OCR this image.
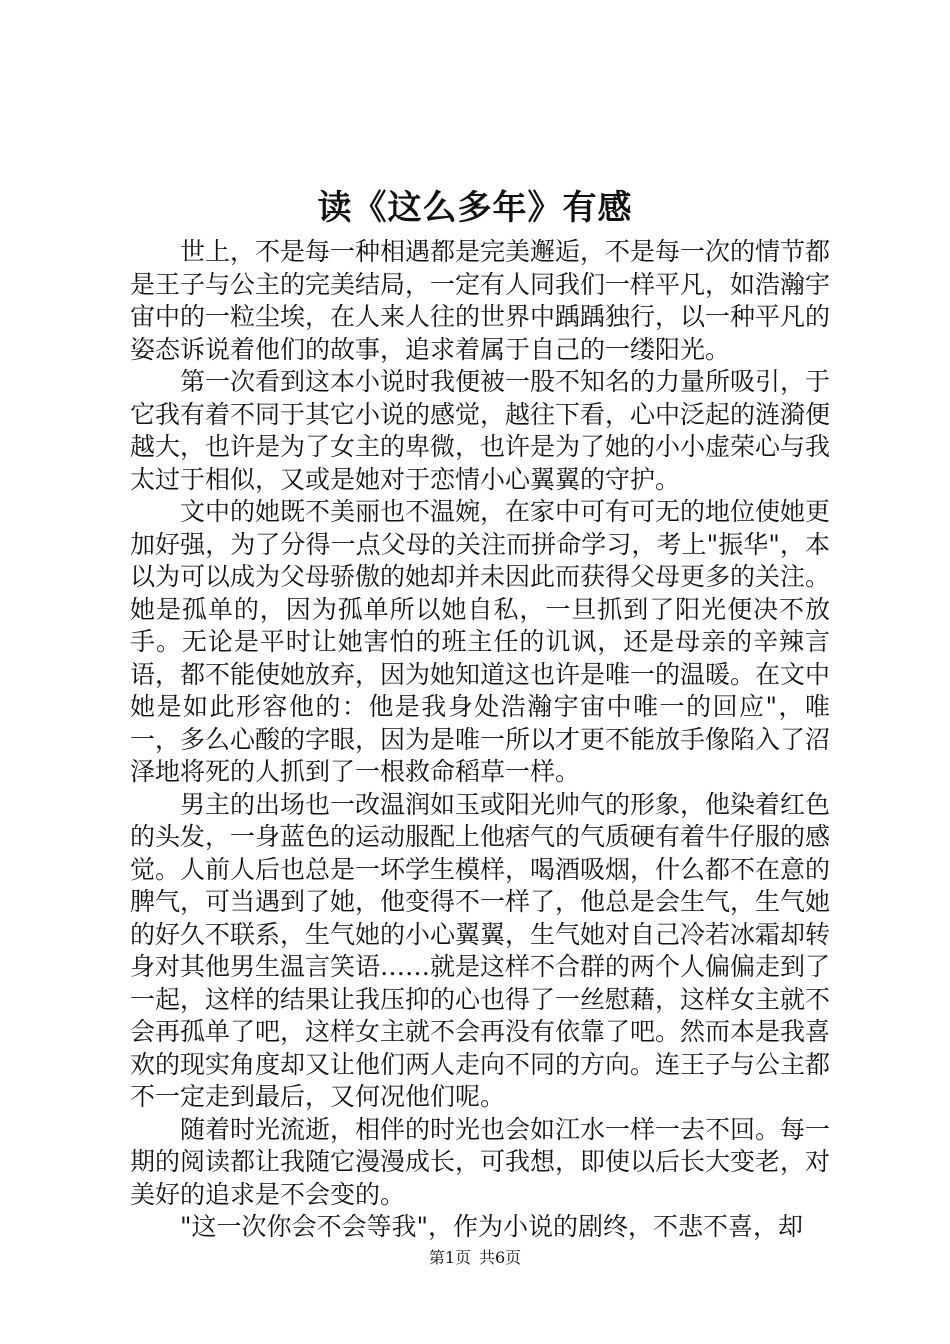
读《这么多年》有感

世上，不是每一种相遇都是完美邂逅，不是每一次的情节都是王子与公主的完美结局，一定有人同我们一样平凡，如浩瀚宇宙中的一粒尘埃，在人来人往的世界中踽踽独行，以一种平凡的姿态诉说着他们的故事，追求着属于自己的一缕阳光。

第一次看到这本小说时我便被一股不知名的力量所吸引，于它我有着不同于其它小说的感觉，越往下看，心中泛起的涟漪便越大，也许是为了女主的卑微，也许是为了她的小小虚荣心与我太过于相似，又或是她对于恋情小心翼翼的守护。

文中的她既不美丽也不温婉，在家中可有可无的地位使她更加好强，为了分得一点父母的关注而拼命学习，考上"振华"，本以为可以成为父母骄傲的她却并未因此而获得父母更多的关注。她是孤单的，因为孤单所以她自私，一旦抓到了阳光便决不放手。无论是平时让她害怕的班主任的讥讽，还是母亲的辛辣言语，都不能使她放弃，因为她知道这也许是唯一的温暖。在文中她是如此形容他的：他是我身处浩瀚宇宙中唯一的回应"，唯一，多么心酸的字眼，因为是唯一所以才更不能放手像陷入了沼泽地将死的人抓到了一根救命稻草一样。

男主的出场也一改温润如玉或阳光帅气的形象，他染着红色的头发，一身蓝色的运动服配上他痞气的气质硬有着牛仔服的感觉。人前人后也总是一坏学生模样，喝酒吸烟，什么都不在意的脾气，可当遇到了她，他变得不一样了，他总是会生气，生气她的好久不联系，生气她的小心翼翼，生气她对自己冷若冰霜却转身对其他男生温言笑语……就是这样不合群的两个人偏偏走到了一起，这样的结果让我压抑的心也得了一丝慰藉，这样女主就不会再孤单了吧，这样女主就不会再没有依靠了吧。然而本是我喜欢的现实角度却又让他们两人走向不同的方向。连王子与公主都不一定走到最后，又何况他们呢。

随着时光流逝，相伴的时光也会如江水一样一去不回。每一期的阅读都让我随它漫漫成长，可我想，即使以后长大变老，对美好的追求是不会变的。

"这一次你会不会等我"，作为小说的剧终，不悲不喜，却

第1页 共6页
